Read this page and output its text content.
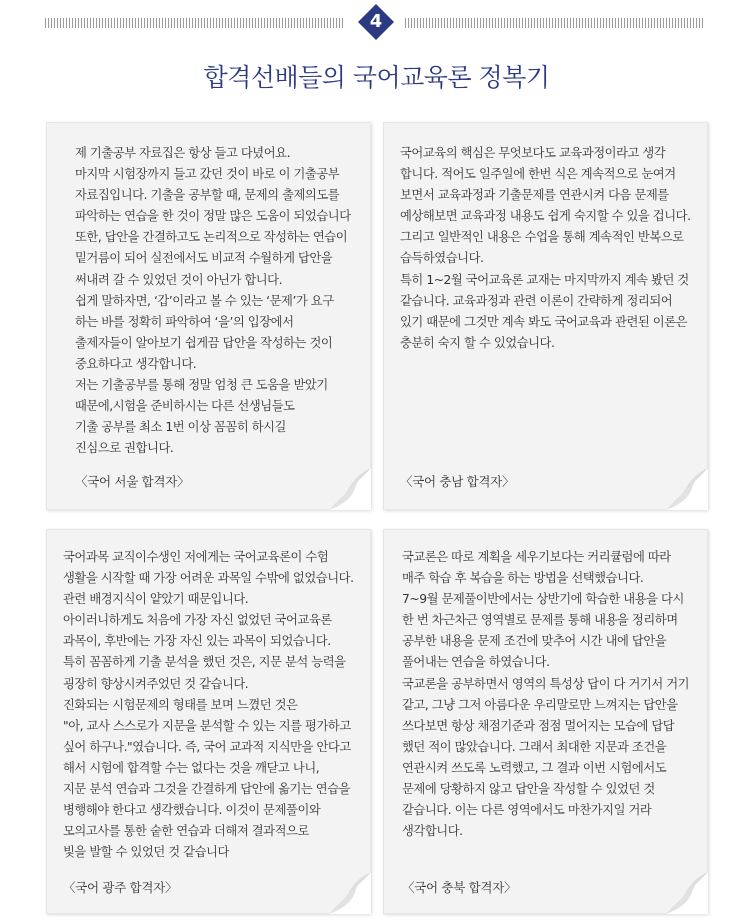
4
합격선배들의 국어교육론 정복기

제 기출공부 자료집은 항상 들고 다녔어요.
마지막 시험장까지 들고 갔던 것이 바로 이 기출공부
자료집입니다. 기출을 공부할 때, 문제의 출제의도를
파악하는 연습을 한 것이 정말 많은 도움이 되었습니다
또한, 답안을 간결하고도 논리적으로 작성하는 연습이
밑거름이 되어 실전에서도 비교적 수월하게 답안을
써내려 갈 수 있었던 것이 아닌가 합니다.
쉽게 말하자면, ‘갑’이라고 볼 수 있는 ‘문제’가 요구
하는 바를 정확히 파악하여 ‘을’의 입장에서
출제자들이 알아보기 쉽게끔 답안을 작성하는 것이
중요하다고 생각합니다.
저는 기출공부를 통해 정말 엄청 큰 도움을 받았기
때문에,시험을 준비하시는 다른 선생님들도
기출 공부를 최소 1번 이상 꼼꼼히 하시길
진심으로 권합니다.

〈국어 서울 합격자〉

국어교육의 핵심은 무엇보다도 교육과정이라고 생각
합니다. 적어도 일주일에 한번 식은 계속적으로 눈여겨
보면서 교육과정과 기출문제를 연관시켜 다음 문제를
예상해보면 교육과정 내용도 쉽게 숙지할 수 있을 겁니다.
그리고 일반적인 내용은 수업을 통해 계속적인 반복으로
습득하였습니다.
특히 1~2월 국어교육론 교재는 마지막까지 계속 봤던 것
같습니다. 교육과정과 관련 이론이 간략하게 정리되어
있기 때문에 그것만 계속 봐도 국어교육과 관련된 이론은
충분히 숙지 할 수 있었습니다.

〈국어 충남 합격자〉

국어과목 교직이수생인 저에게는 국어교육론이 수험
생활을 시작할 때 가장 어려운 과목일 수밖에 없었습니다.
관련 배경지식이 얕았기 때문입니다.
아이러니하게도 처음에 가장 자신 없었던 국어교육론
과목이, 후반에는 가장 자신 있는 과목이 되었습니다.
특히 꼼꼼하게 기출 분석을 했던 것은, 지문 분석 능력을
굉장히 향상시켜주었던 것 같습니다.
진화되는 시험문제의 형태를 보며 느꼈던 것은
"아, 교사 스스로가 지문을 분석할 수 있는 지를 평가하고
싶어 하구나."였습니다. 즉, 국어 교과적 지식만을 안다고
해서 시험에 합격할 수는 없다는 것을 깨닫고 나니,
지문 분석 연습과 그것을 간결하게 답안에 옮기는 연습을
병행해야 한다고 생각했습니다. 이것이 문제풀이와
모의고사를 통한 숱한 연습과 더해져 결과적으로
빛을 발할 수 있었던 것 같습니다

〈국어 광주 합격자〉

국교론은 따로 계획을 세우기보다는 커리큘럼에 따라
매주 학습 후 복습을 하는 방법을 선택했습니다.
7~9월 문제풀이반에서는 상반기에 학습한 내용을 다시
한 번 차근차근 영역별로 문제를 통해 내용을 정리하며
공부한 내용을 문제 조건에 맞추어 시간 내에 답안을
풀어내는 연습을 하였습니다.
국교론을 공부하면서 영역의 특성상 답이 다 거기서 거기
같고, 그냥 그저 아름다운 우리말로만 느껴지는 답안을
쓰다보면 항상 채점기준과 점점 멀어지는 모습에 답답
했던 적이 많았습니다. 그래서 최대한 지문과 조건을
연관시켜 쓰도록 노력했고, 그 결과 이번 시험에서도
문제에 당황하지 않고 답안을 작성할 수 있었던 것
같습니다. 이는 다른 영역에서도 마찬가지일 거라
생각합니다.

〈국어 충북 합격자〉
